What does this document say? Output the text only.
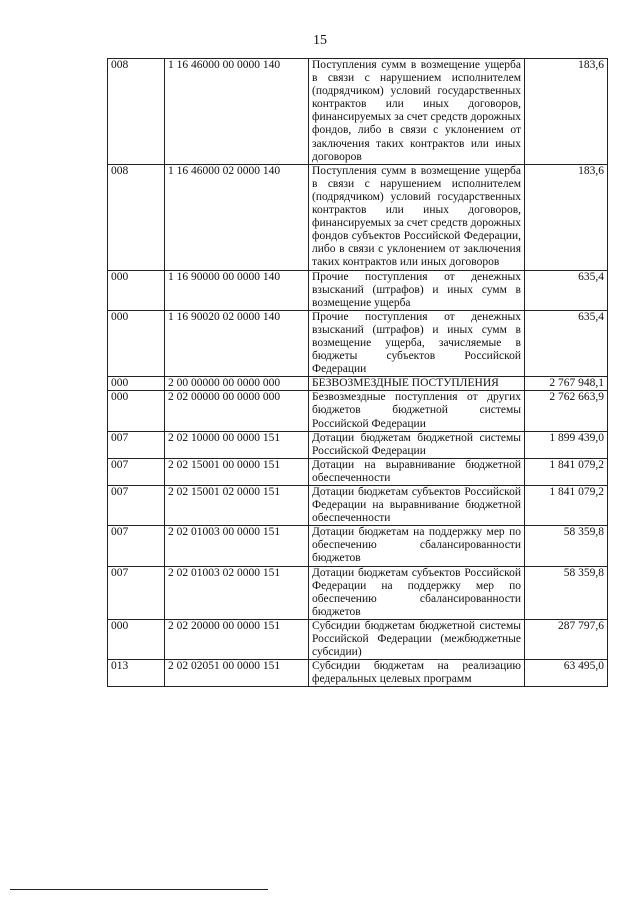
15
008	1 16 46000 00 0000 140	Поступления сумм в возмещение ущерба в связи с нарушением исполнителем (подрядчиком) условий государственных контрактов или иных договоров, финансируемых за счет средств дорожных фондов, либо в связи с уклонением от заключения таких контрактов или иных договоров	183,6
008	1 16 46000 02 0000 140	Поступления сумм в возмещение ущерба в связи с нарушением исполнителем (подрядчиком) условий государственных контрактов или иных договоров, финансируемых за счет средств дорожных фондов субъектов Российской Федерации, либо в связи с уклонением от заключения таких контрактов или иных договоров	183,6
000	1 16 90000 00 0000 140	Прочие поступления от денежных взысканий (штрафов) и иных сумм в возмещение ущерба	635,4
000	1 16 90020 02 0000 140	Прочие поступления от денежных взысканий (штрафов) и иных сумм в возмещение ущерба, зачисляемые в бюджеты субъектов Российской Федерации	635,4
000	2 00 00000 00 0000 000	БЕЗВОЗМЕЗДНЫЕ ПОСТУПЛЕНИЯ	2 767 948,1
000	2 02 00000 00 0000 000	Безвозмездные поступления от других бюджетов бюджетной системы Российской Федерации	2 762 663,9
007	2 02 10000 00 0000 151	Дотации бюджетам бюджетной системы Российской Федерации	1 899 439,0
007	2 02 15001 00 0000 151	Дотации на выравнивание бюджетной обеспеченности	1 841 079,2
007	2 02 15001 02 0000 151	Дотации бюджетам субъектов Российской Федерации на выравнивание бюджетной обеспеченности	1 841 079,2
007	2 02 01003 00 0000 151	Дотации бюджетам на поддержку мер по обеспечению сбалансированности бюджетов	58 359,8
007	2 02 01003 02 0000 151	Дотации бюджетам субъектов Российской Федерации на поддержку мер по обеспечению сбалансированности бюджетов	58 359,8
000	2 02 20000 00 0000 151	Субсидии бюджетам бюджетной системы Российской Федерации (межбюджетные субсидии)	287 797,6
013	2 02 02051 00 0000 151	Субсидии бюджетам на реализацию федеральных целевых программ	63 495,0
